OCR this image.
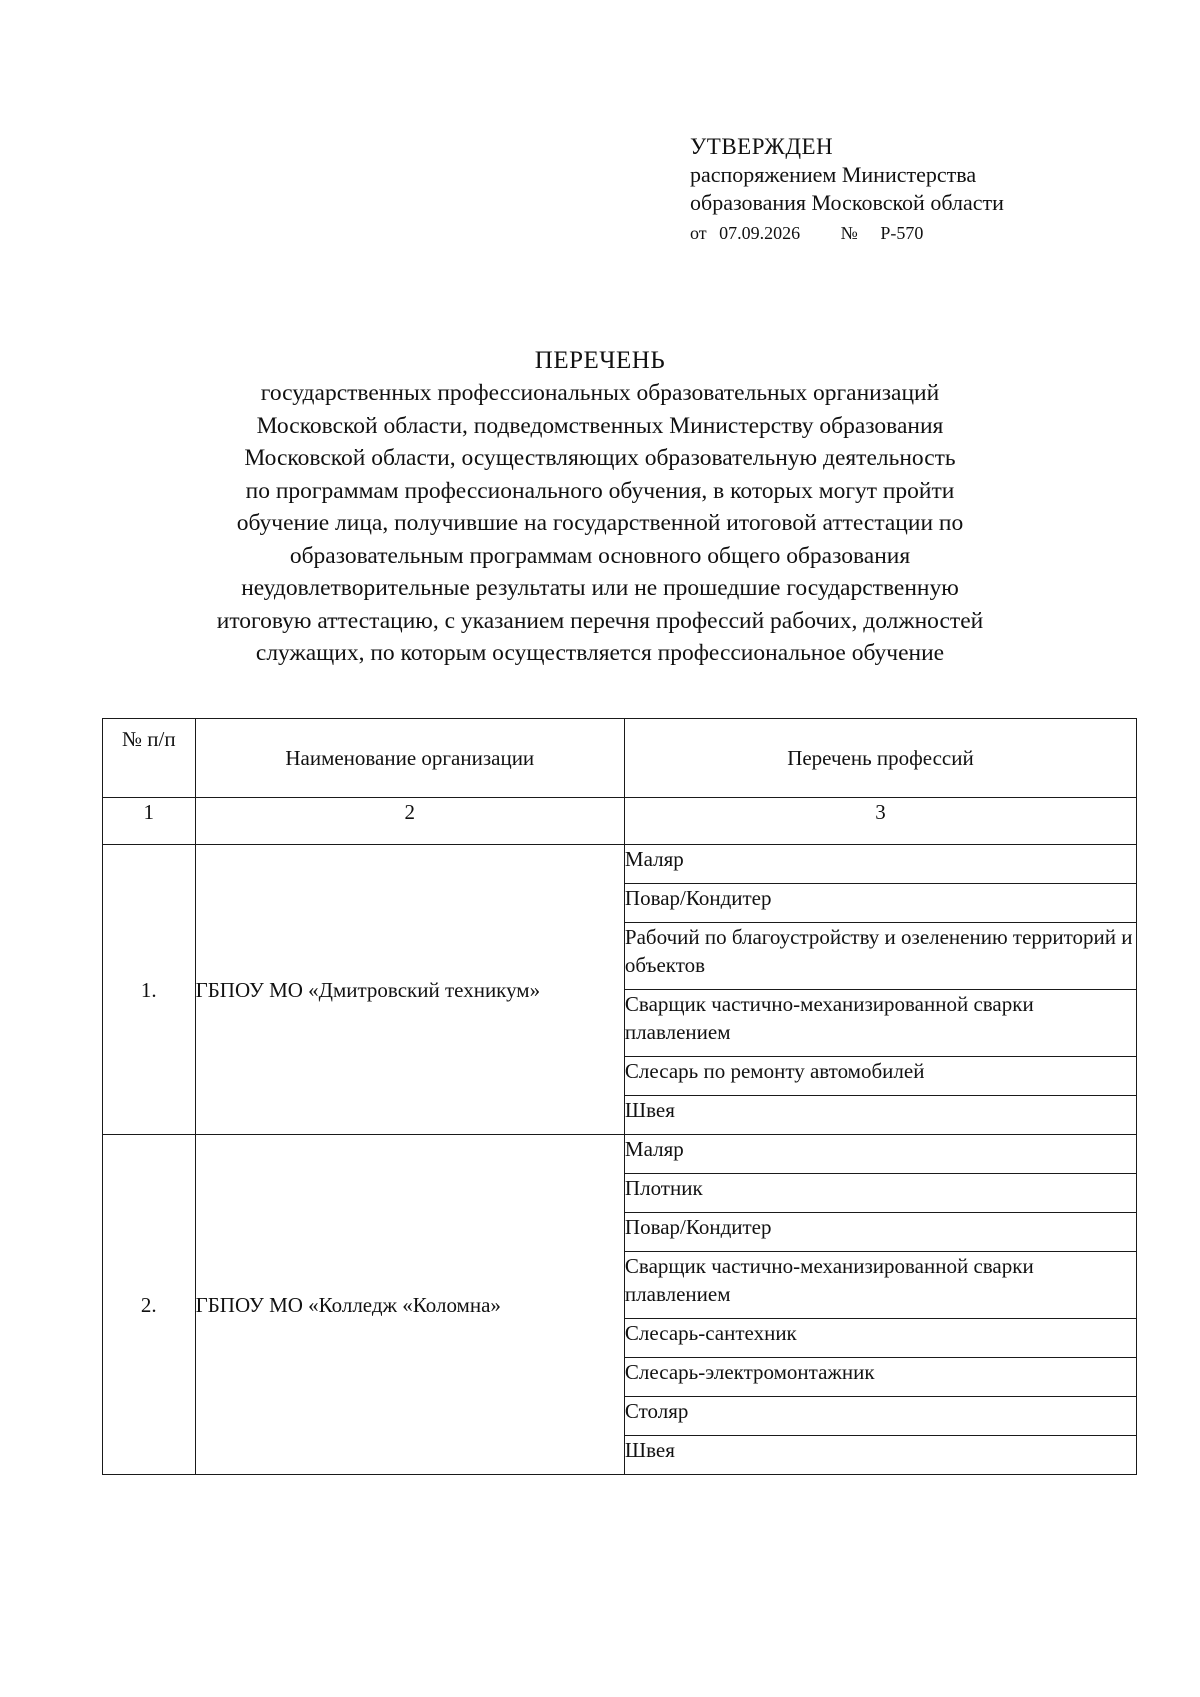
УТВЕРЖДЕН
распоряжением Министерства
образования Московской области
от 07.09.2026 № Р-570
ПЕРЕЧЕНЬ
государственных профессиональных образовательных организаций
Московской области, подведомственных Министерству образования
Московской области, осуществляющих образовательную деятельность
по программам профессионального обучения, в которых могут пройти
обучение лица, получившие на государственной итоговой аттестации по
образовательным программам основного общего образования
неудовлетворительные результаты или не прошедшие государственную
итоговую аттестацию, с указанием перечня профессий рабочих, должностей
служащих, по которым осуществляется профессиональное обучение
№ п/п	Наименование организации	Перечень профессий
1	2	3
1.	ГБПОУ МО «Дмитровский техникум»	Маляр
		Повар/Кондитер
		Рабочий по благоустройству и озеленению территорий и объектов
		Сварщик частично-механизированной сварки плавлением
		Слесарь по ремонту автомобилей
		Швея
2.	ГБПОУ МО «Колледж «Коломна»	Маляр
		Плотник
		Повар/Кондитер
		Сварщик частично-механизированной сварки плавлением
		Слесарь-сантехник
		Слесарь-электромонтажник
		Столяр
		Швея
